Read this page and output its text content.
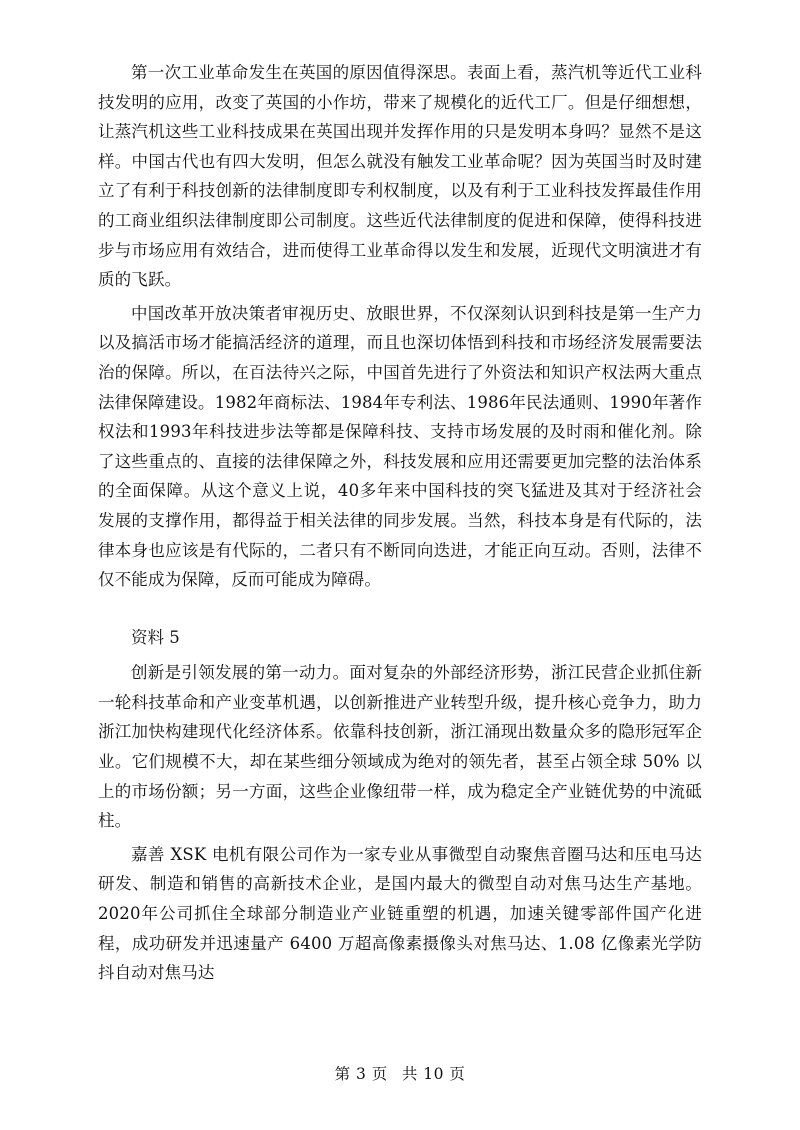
第一次工业革命发生在英国的原因值得深思。表面上看，蒸汽机等近代工业科技发明的应用，改变了英国的小作坊，带来了规模化的近代工厂。但是仔细想想，让蒸汽机这些工业科技成果在英国出现并发挥作用的只是发明本身吗？显然不是这样。中国古代也有四大发明，但怎么就没有触发工业革命呢？因为英国当时及时建立了有利于科技创新的法律制度即专利权制度，以及有利于工业科技发挥最佳作用的工商业组织法律制度即公司制度。这些近代法律制度的促进和保障，使得科技进步与市场应用有效结合，进而使得工业革命得以发生和发展，近现代文明演进才有质的飞跃。

中国改革开放决策者审视历史、放眼世界，不仅深刻认识到科技是第一生产力以及搞活市场才能搞活经济的道理，而且也深切体悟到科技和市场经济发展需要法治的保障。所以，在百法待兴之际，中国首先进行了外资法和知识产权法两大重点法律保障建设。1982年商标法、1984年专利法、1986年民法通则、1990年著作权法和1993年科技进步法等都是保障科技、支持市场发展的及时雨和催化剂。除了这些重点的、直接的法律保障之外，科技发展和应用还需要更加完整的法治体系的全面保障。从这个意义上说，40多年来中国科技的突飞猛进及其对于经济社会发展的支撑作用，都得益于相关法律的同步发展。当然，科技本身是有代际的，法律本身也应该是有代际的，二者只有不断同向迭进，才能正向互动。否则，法律不仅不能成为保障，反而可能成为障碍。

资料 5

创新是引领发展的第一动力。面对复杂的外部经济形势，浙江民营企业抓住新一轮科技革命和产业变革机遇，以创新推进产业转型升级，提升核心竞争力，助力浙江加快构建现代化经济体系。依靠科技创新，浙江涌现出数量众多的隐形冠军企业。它们规模不大，却在某些细分领域成为绝对的领先者，甚至占领全球 50% 以上的市场份额；另一方面，这些企业像纽带一样，成为稳定全产业链优势的中流砥柱。

嘉善 XSK 电机有限公司作为一家专业从事微型自动聚焦音圈马达和压电马达研发、制造和销售的高新技术企业，是国内最大的微型自动对焦马达生产基地。2020年公司抓住全球部分制造业产业链重塑的机遇，加速关键零部件国产化进程，成功研发并迅速量产 6400 万超高像素摄像头对焦马达、1.08 亿像素光学防抖自动对焦马达

第 3 页 共 10 页
